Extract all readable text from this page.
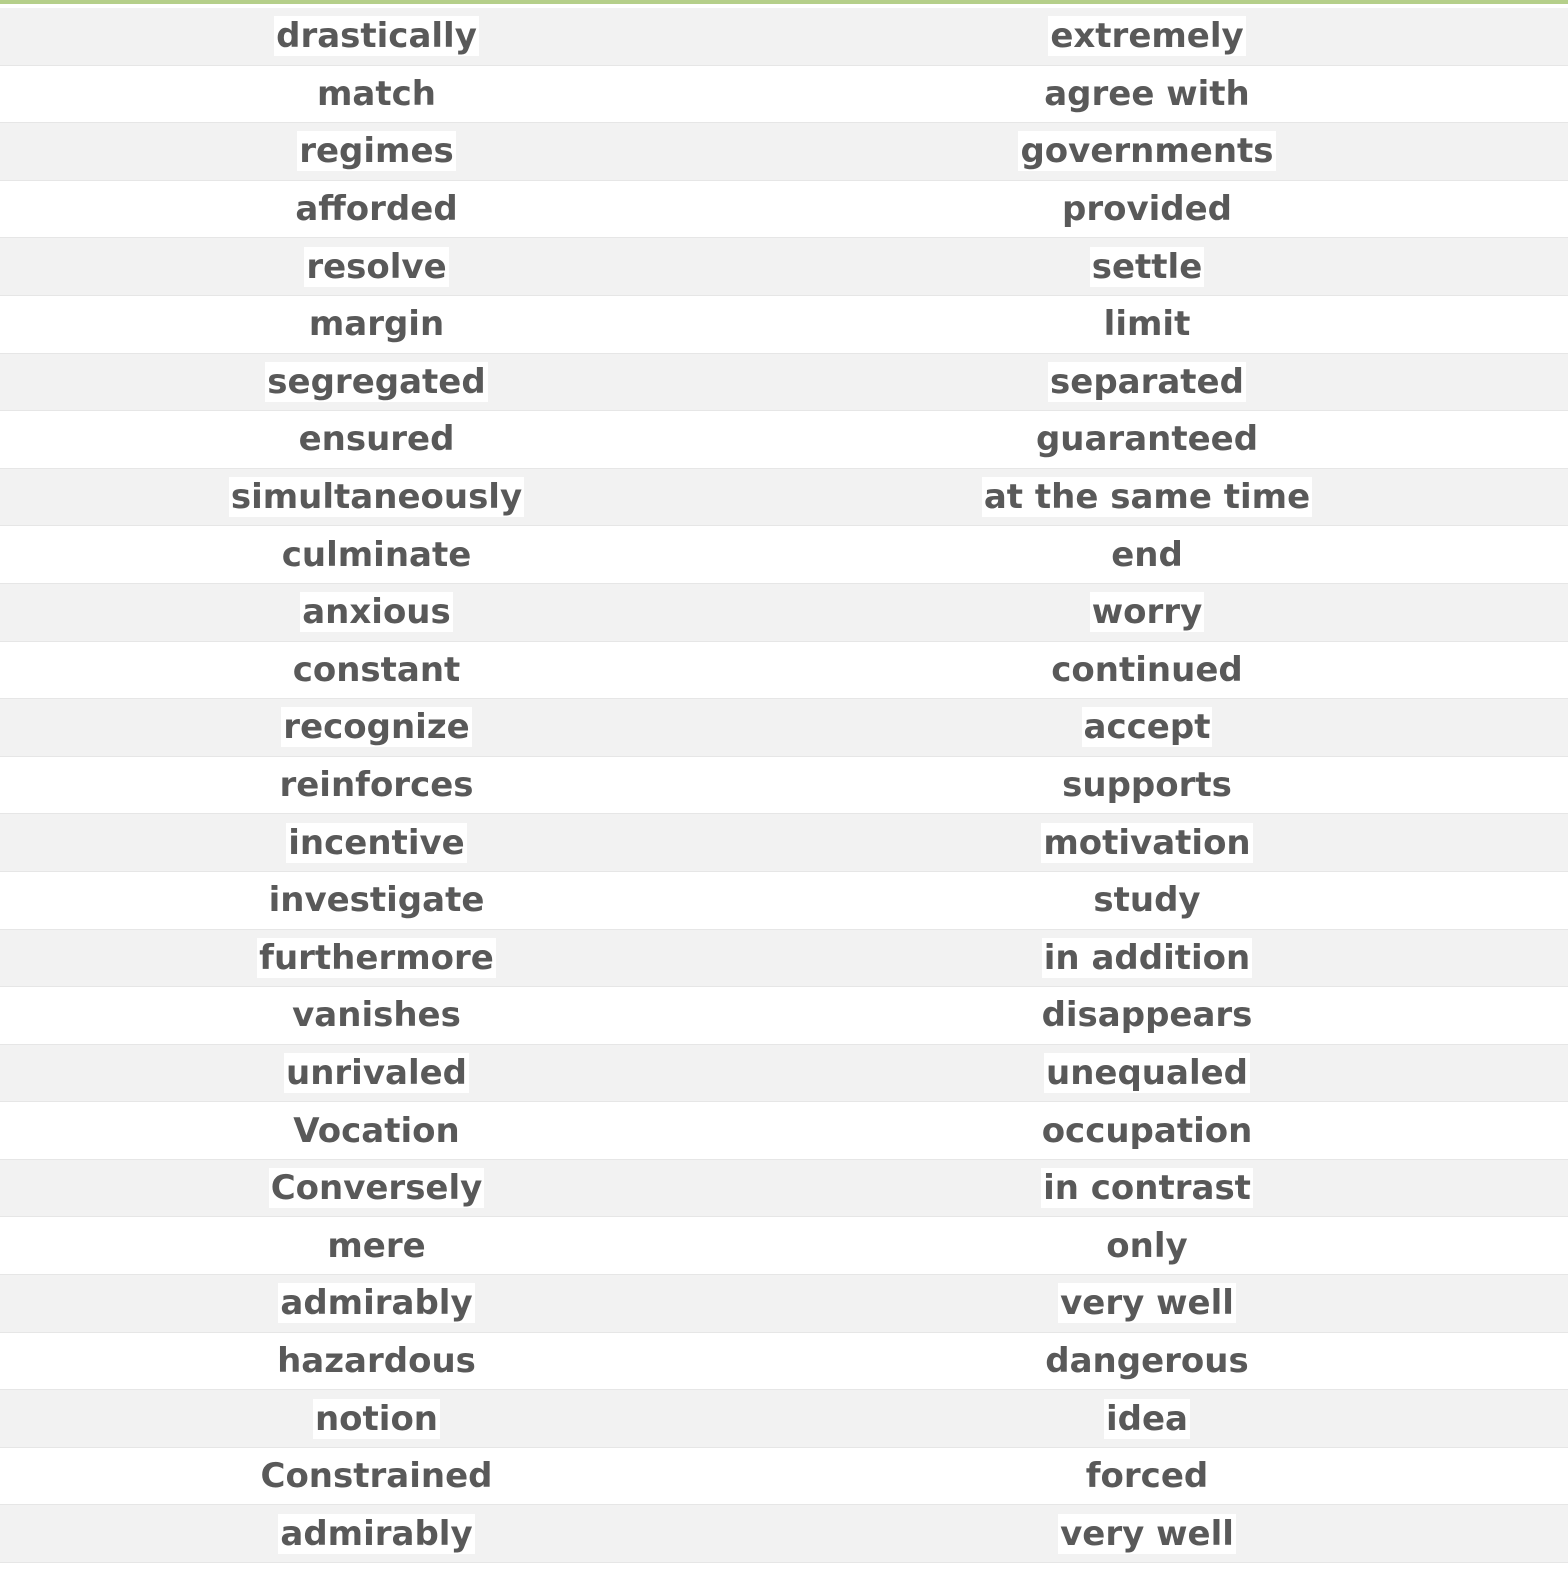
drastically	extremely
match	agree with
regimes	governments
afforded	provided
resolve	settle
margin	limit
segregated	separated
ensured	guaranteed
simultaneously	at the same time
culminate	end
anxious	worry
constant	continued
recognize	accept
reinforces	supports
incentive	motivation
investigate	study
furthermore	in addition
vanishes	disappears
unrivaled	unequaled
Vocation	occupation
Conversely	in contrast
mere	only
admirably	very well
hazardous	dangerous
notion	idea
Constrained	forced
admirably	very well
